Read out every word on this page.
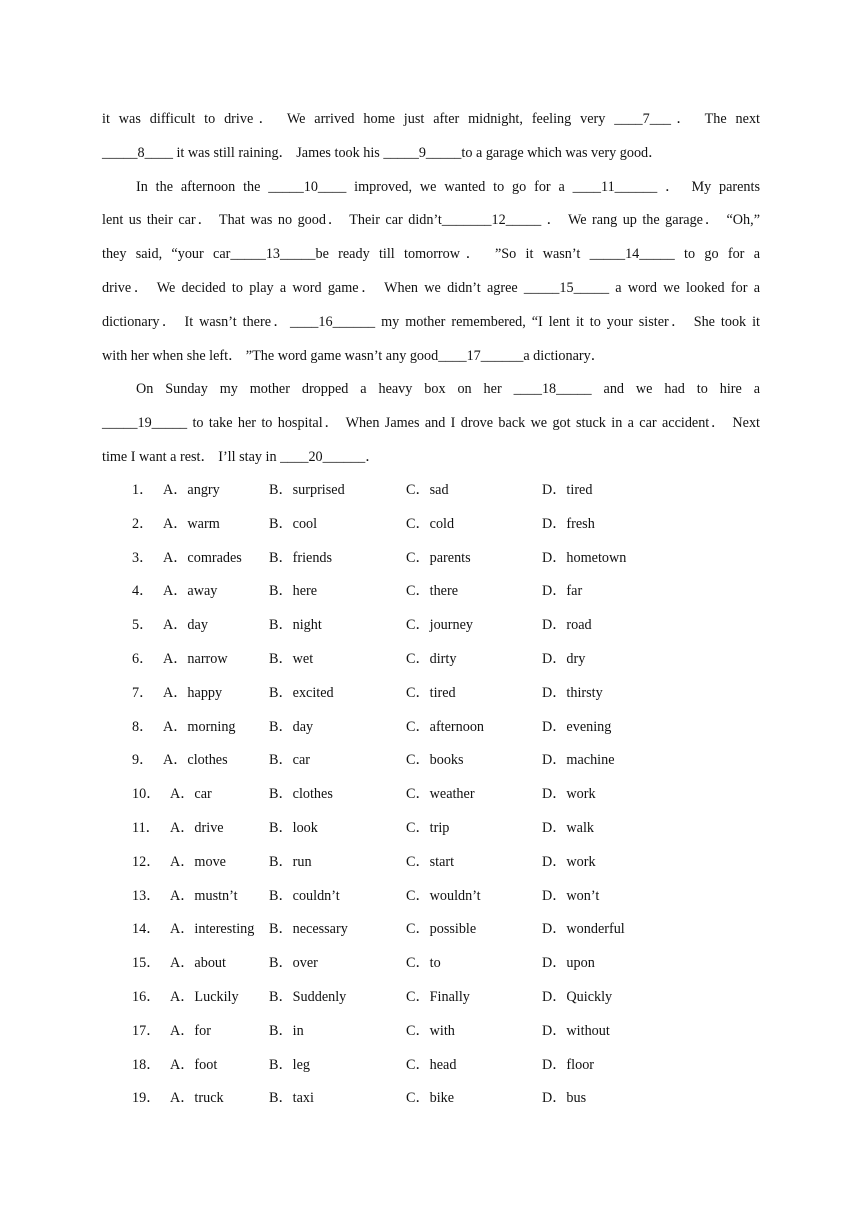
it was difficult to drive． We arrived home just after midnight, feeling very ____7___． The next
_____8____ it was still raining． James took his _____9_____to a garage which was very good．
In the afternoon the _____10____ improved, we wanted to go for a ____11______ ． My parents
lent us their car． That was no good． Their car didn’t_______12_____ ． We rang up the garage． “Oh,”
they said, “your car_____13_____be ready till tomorrow． ”So it wasn’t _____14_____ to go for a
drive． We decided to play a word game． When we didn’t agree _____15_____ a word we looked for a
dictionary． It wasn’t there．____16______ my mother remembered, “I lent it to your sister． She took it
with her when she left． ”The word game wasn’t any good____17______a dictionary．
On Sunday my mother dropped a heavy box on her ____18_____ and we had to hire a
_____19_____ to take her to hospital． When James and I drove back we got stuck in a car accident． Next
time I want a rest． I’ll stay in ____20______．
1． A．angry	B．surprised	C．sad	D．tired
2． A．warm	B．cool	C．cold	D．fresh
3． A．comrades B．friends	C．parents	D．hometown
4． A．away	B．here	C．there	D．far
5． A．day	B．night	C．journey	D．road
6． A．narrow	B．wet	C．dirty	D．dry
7． A．happy	B．excited	C．tired	D．thirsty
8． A．morning B．day	C．afternoon	D．evening
9． A．clothes	B．car	C．books	D．machine
10． A．car	B．clothes	C．weather	D．work
11． A．drive	B．look	C．trip	D．walk
12． A．move	B．run	C．start	D．work
13． A．mustn’t B．couldn’t	C．wouldn’t	D．won’t
14． A．interesting B．necessary	C．possible	D．wonderful
15． A．about	B．over	C．to	D．upon
16． A．Luckily B．Suddenly	C．Finally	D．Quickly
17． A．for	B．in	C．with	D．without
18． A．foot	B．leg	C．head	D．floor
19． A．truck	B．taxi	C．bike	D．bus
